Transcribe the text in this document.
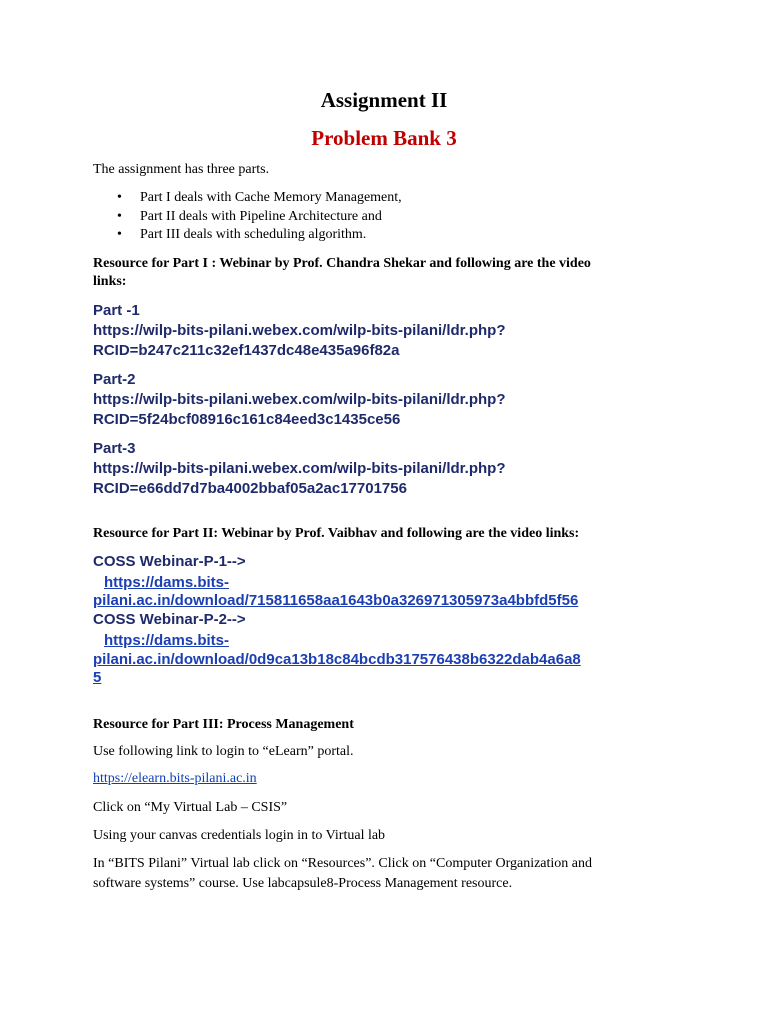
Assignment II
Problem Bank 3

The assignment has three parts.

• Part I deals with Cache Memory Management,
• Part II deals with Pipeline Architecture and
• Part III deals with scheduling algorithm.

Resource for Part I : Webinar by Prof. Chandra Shekar and following are the video

links:

Part -1

https://wilp-bits-pilani.webex.com/wilp-bits-pilani/ldr.php?

RCID=b247c211c32ef1437dc48e435a96f82a

Part-2

https://wilp-bits-pilani.webex.com/wilp-bits-pilani/ldr.php?

RCID=5f24bcf08916c161c84eed3c1435ce56

Part-3

https://wilp-bits-pilani.webex.com/wilp-bits-pilani/ldr.php?

RCID=e66dd7d7ba4002bbaf05a2ac17701756

Resource for Part II: Webinar by Prof. Vaibhav and following are the video links:

COSS Webinar-P-1-->

https://dams.bits-

pilani.ac.in/download/715811658aa1643b0a326971305973a4bbfd5f56

COSS Webinar-P-2-->

https://dams.bits-

pilani.ac.in/download/0d9ca13b18c84bcdb317576438b6322dab4a6a8

5

Resource for Part III: Process Management

Use following link to login to “eLearn” portal.

https://elearn.bits-pilani.ac.in

Click on “My Virtual Lab – CSIS”

Using your canvas credentials login in to Virtual lab

In “BITS Pilani” Virtual lab click on “Resources”. Click on “Computer Organization and

software systems” course. Use labcapsule8-Process Management resource.
